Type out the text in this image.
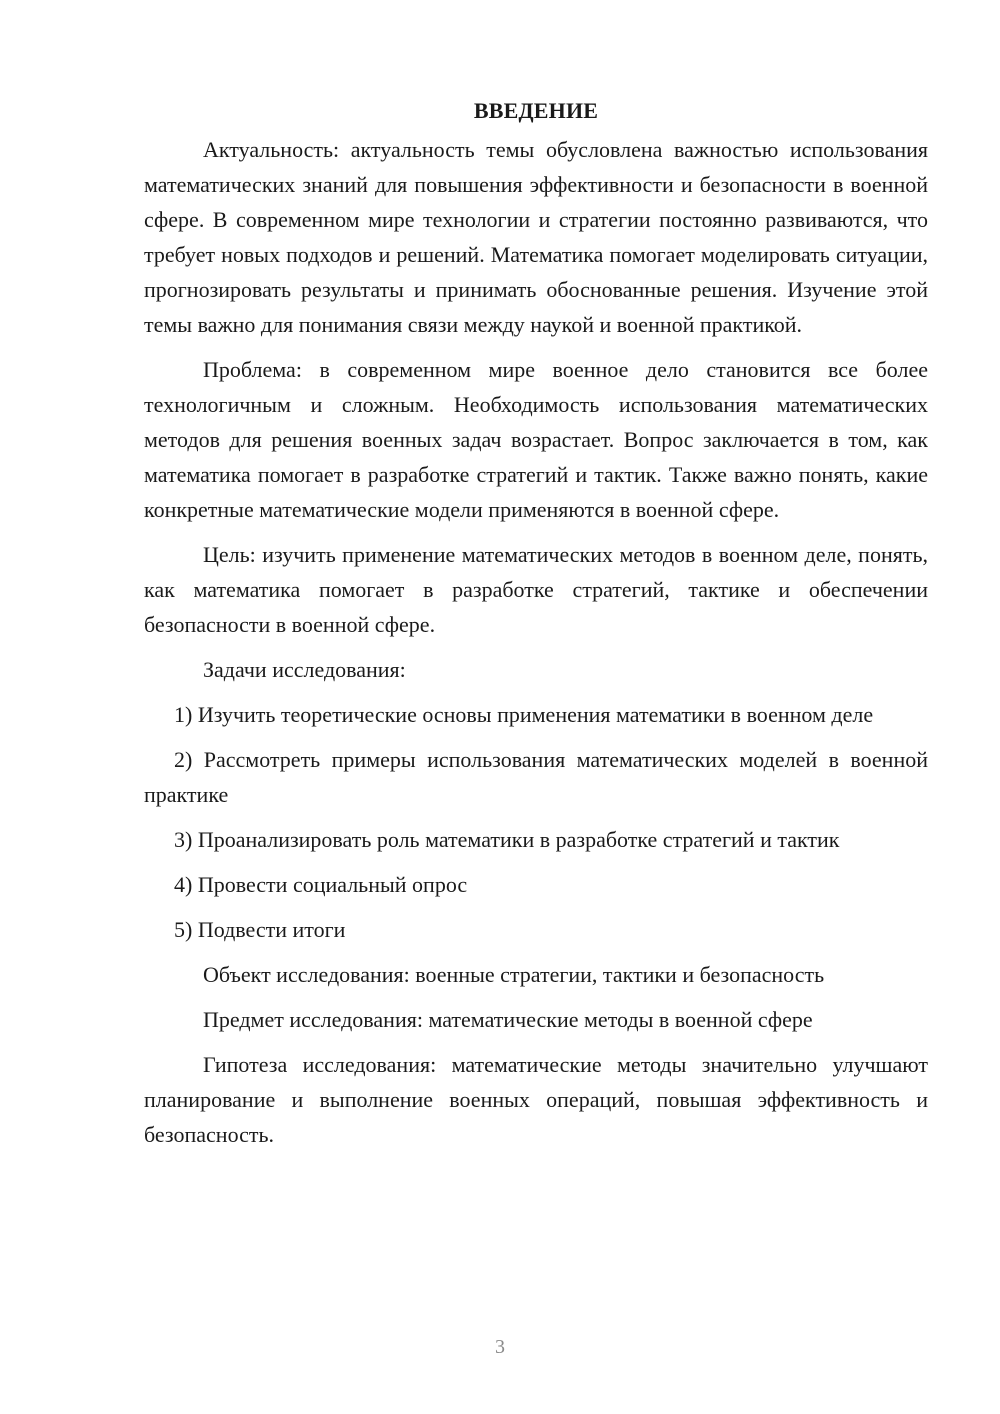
ВВЕДЕНИЕ

Актуальность: актуальность темы обусловлена важностью использования математических знаний для повышения эффективности и безопасности в военной сфере. В современном мире технологии и стратегии постоянно развиваются, что требует новых подходов и решений. Математика помогает моделировать ситуации, прогнозировать результаты и принимать обоснованные решения. Изучение этой темы важно для понимания связи между наукой и военной практикой.

Проблема: в современном мире военное дело становится все более технологичным и сложным. Необходимость использования математических методов для решения военных задач возрастает. Вопрос заключается в том, как математика помогает в разработке стратегий и тактик. Также важно понять, какие конкретные математические модели применяются в военной сфере.

Цель: изучить применение математических методов в военном деле, понять, как математика помогает в разработке стратегий, тактике и обеспечении безопасности в военной сфере.

Задачи исследования:

1) Изучить теоретические основы применения математики в военном деле

2) Рассмотреть примеры использования математических моделей в военной практике

3) Проанализировать роль математики в разработке стратегий и тактик

4) Провести социальный опрос

5) Подвести итоги

Объект исследования: военные стратегии, тактики и безопасность

Предмет исследования: математические методы в военной сфере

Гипотеза исследования: математические методы значительно улучшают планирование и выполнение военных операций, повышая эффективность и безопасность.

3
